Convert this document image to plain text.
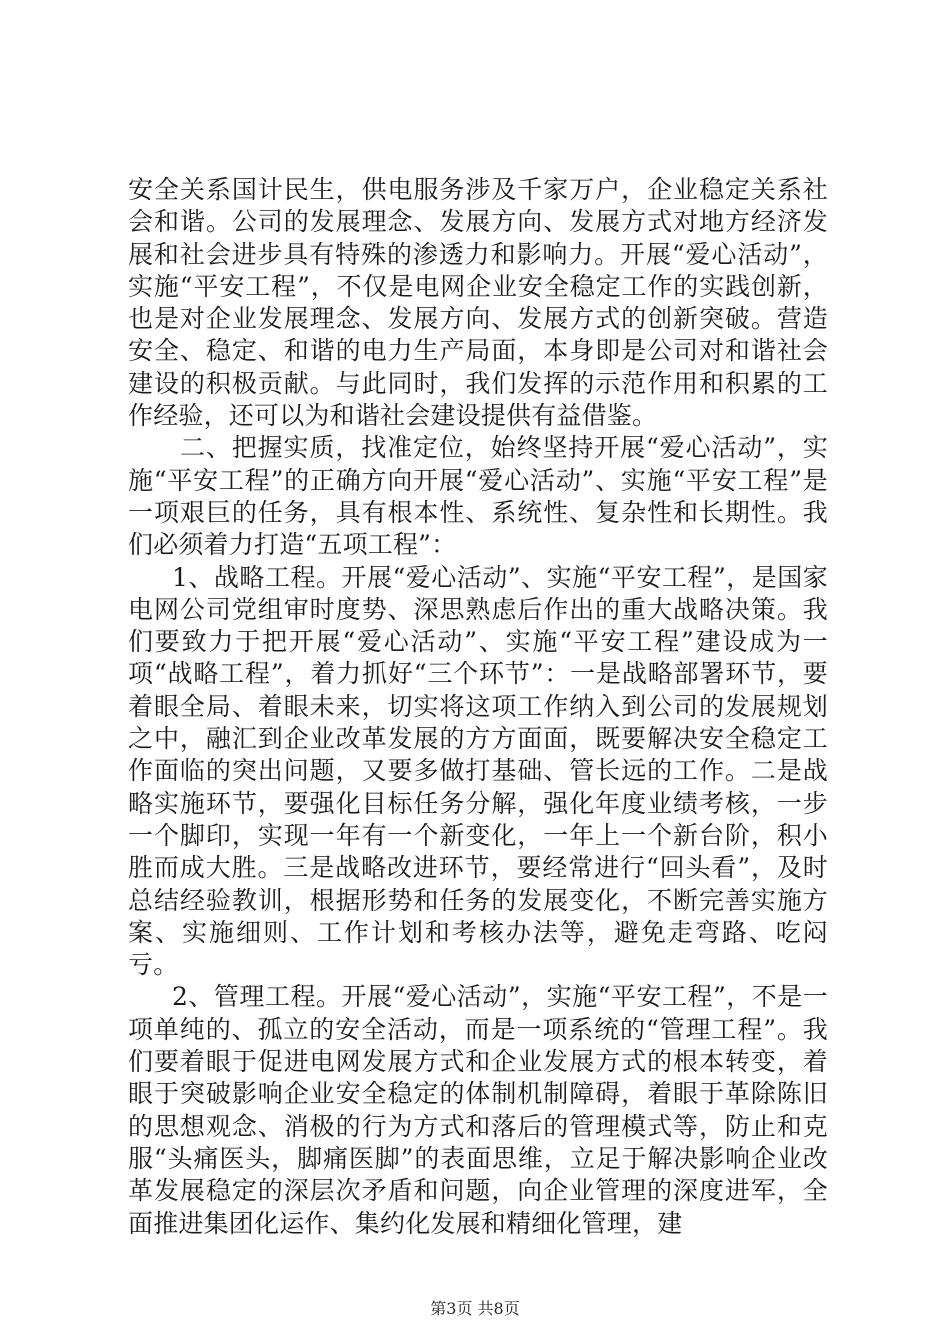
安全关系国计民生，供电服务涉及千家万户，企业稳定关系社会和谐。公司的发展理念、发展方向、发展方式对地方经济发展和社会进步具有特殊的渗透力和影响力。开展“爱心活动”，实施“平安工程”，不仅是电网企业安全稳定工作的实践创新，也是对企业发展理念、发展方向、发展方式的创新突破。营造安全、稳定、和谐的电力生产局面，本身即是公司对和谐社会建设的积极贡献。与此同时，我们发挥的示范作用和积累的工作经验，还可以为和谐社会建设提供有益借鉴。

二、把握实质，找准定位，始终坚持开展“爱心活动”，实施“平安工程”的正确方向开展“爱心活动”、实施“平安工程”是一项艰巨的任务，具有根本性、系统性、复杂性和长期性。我们必须着力打造“五项工程”：

1、战略工程。开展“爱心活动”、实施“平安工程”，是国家电网公司党组审时度势、深思熟虑后作出的重大战略决策。我们要致力于把开展“爱心活动”、实施“平安工程”建设成为一项“战略工程”，着力抓好“三个环节”：一是战略部署环节，要着眼全局、着眼未来，切实将这项工作纳入到公司的发展规划之中，融汇到企业改革发展的方方面面，既要解决安全稳定工作面临的突出问题，又要多做打基础、管长远的工作。二是战略实施环节，要强化目标任务分解，强化年度业绩考核，一步一个脚印，实现一年有一个新变化，一年上一个新台阶，积小胜而成大胜。三是战略改进环节，要经常进行“回头看”，及时总结经验教训，根据形势和任务的发展变化，不断完善实施方案、实施细则、工作计划和考核办法等，避免走弯路、吃闷亏。

2、管理工程。开展“爱心活动”，实施“平安工程”，不是一项单纯的、孤立的安全活动，而是一项系统的“管理工程”。我们要着眼于促进电网发展方式和企业发展方式的根本转变，着眼于突破影响企业安全稳定的体制机制障碍，着眼于革除陈旧的思想观念、消极的行为方式和落后的管理模式等，防止和克服“头痛医头，脚痛医脚”的表面思维，立足于解决影响企业改革发展稳定的深层次矛盾和问题，向企业管理的深度进军，全面推进集团化运作、集约化发展和精细化管理，建

第3页 共8页
